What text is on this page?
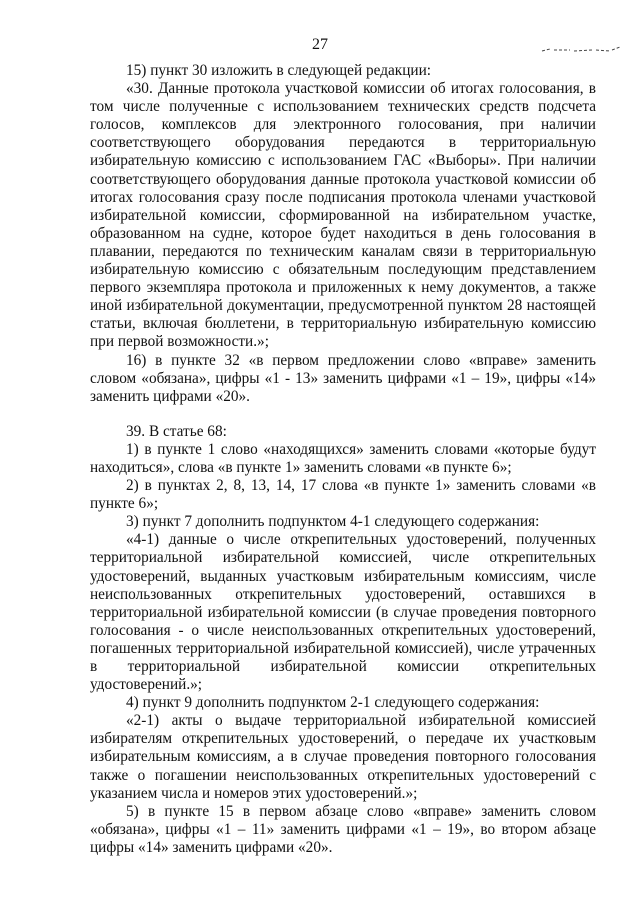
27

15) пункт 30 изложить в следующей редакции:

«30. Данные протокола участковой комиссии об итогах голосования, в том числе полученные с использованием технических средств подсчета голосов, комплексов для электронного голосования, при наличии соответствующего оборудования передаются в территориальную избирательную комиссию с использованием ГАС «Выборы». При наличии соответствующего оборудования данные протокола участковой комиссии об итогах голосования сразу после подписания протокола членами участковой избирательной комиссии, сформированной на избирательном участке, образованном на судне, которое будет находиться в день голосования в плавании, передаются по техническим каналам связи в территориальную избирательную комиссию с обязательным последующим представлением первого экземпляра протокола и приложенных к нему документов, а также иной избирательной документации, предусмотренной пунктом 28 настоящей статьи, включая бюллетени, в территориальную избирательную комиссию при первой возможности.»;

16) в пункте 32 «в первом предложении слово «вправе» заменить словом «обязана», цифры «1 - 13» заменить цифрами «1 – 19», цифры «14» заменить цифрами «20».

39. В статье 68:

1) в пункте 1 слово «находящихся» заменить словами «которые будут находиться», слова «в пункте 1» заменить словами «в пункте 6»;

2) в пунктах 2, 8, 13, 14, 17 слова «в пункте 1» заменить словами «в пункте 6»;

3) пункт 7 дополнить подпунктом 4-1 следующего содержания:

«4-1) данные о числе открепительных удостоверений, полученных территориальной избирательной комиссией, числе открепительных удостоверений, выданных участковым избирательным комиссиям, числе неиспользованных открепительных удостоверений, оставшихся в территориальной избирательной комиссии (в случае проведения повторного голосования - о числе неиспользованных открепительных удостоверений, погашенных территориальной избирательной комиссией), числе утраченных в территориальной избирательной комиссии открепительных удостоверений.»;

4) пункт 9 дополнить подпунктом 2-1 следующего содержания:

«2-1) акты о выдаче территориальной избирательной комиссией избирателям открепительных удостоверений, о передаче их участковым избирательным комиссиям, а в случае проведения повторного голосования также о погашении неиспользованных открепительных удостоверений с указанием числа и номеров этих удостоверений.»;

5) в пункте 15 в первом абзаце слово «вправе» заменить словом «обязана», цифры «1 – 11» заменить цифрами «1 – 19», во втором абзаце цифры «14» заменить цифрами «20».
